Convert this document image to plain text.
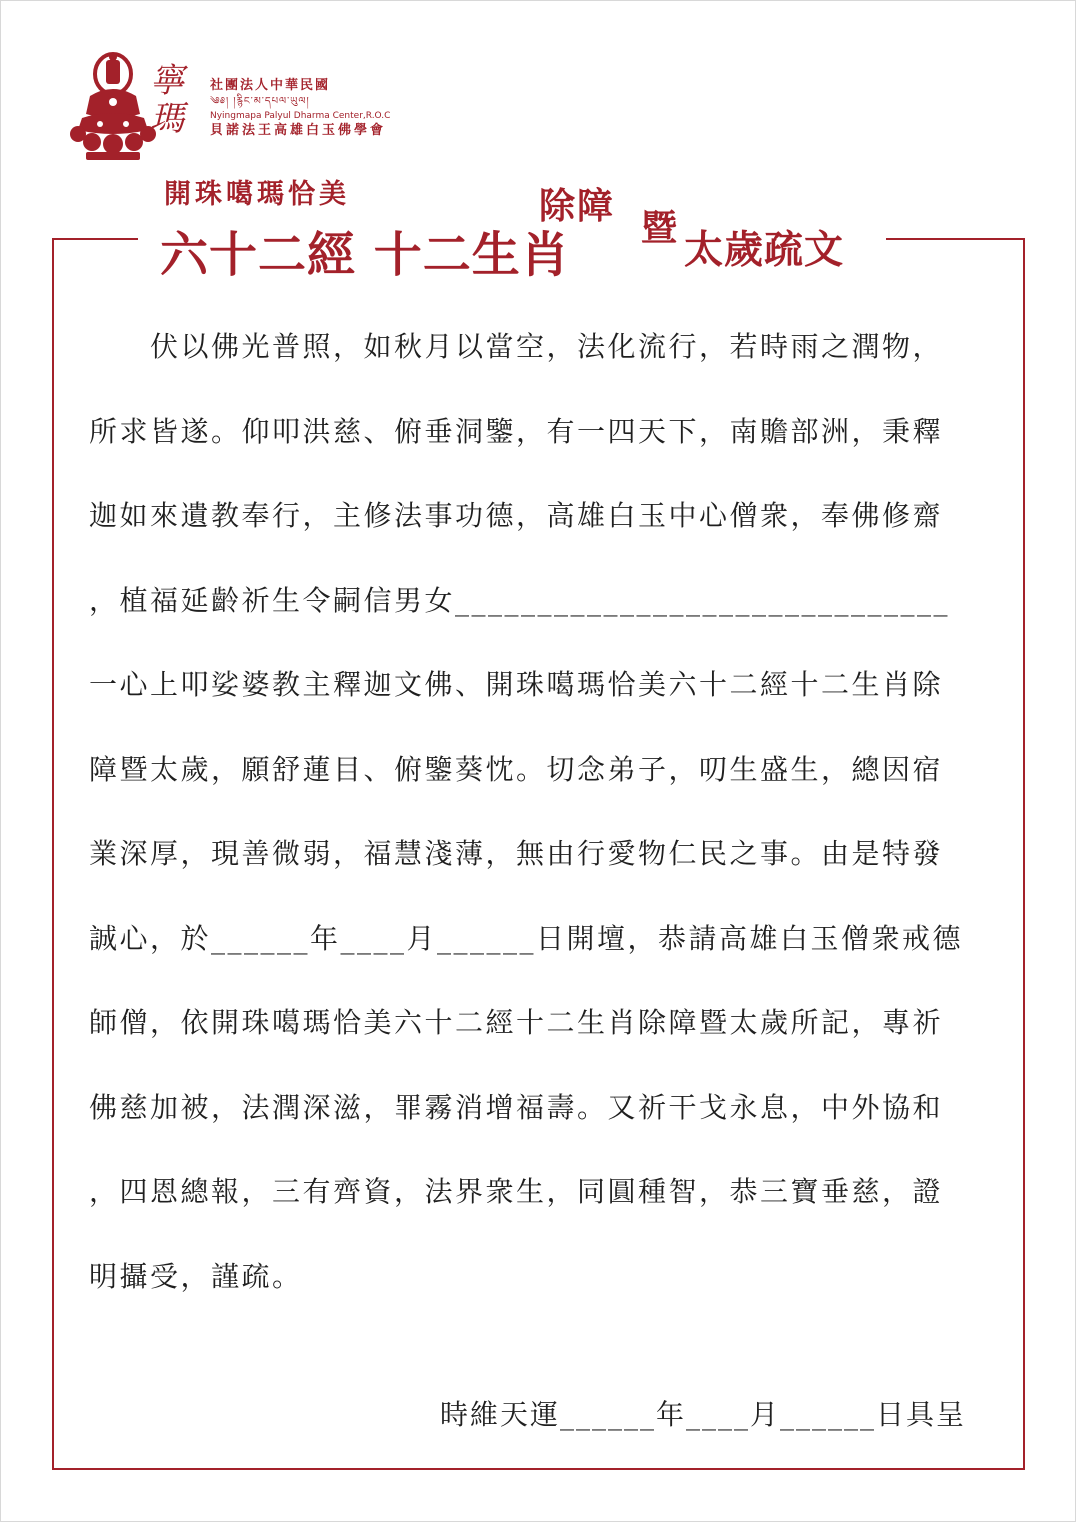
寧瑪
社團法人中華民國
༄༅། །རྙིང་མ་དཔལ་ཡུལ།
Nyingmapa Palyul Dharma Center,R.O.C
貝諾法王高雄白玉佛學會
開珠噶瑪恰美
六十二經 十二生肖
除障
暨 太歲疏文
　　伏以佛光普照，如秋月以當空，法化流行，若時雨之潤物，
所求皆遂。仰叩洪慈、俯垂洞鑒，有一四天下，南贍部洲，秉釋
迦如來遺教奉行，主修法事功德，高雄白玉中心僧衆，奉佛修齋
，植福延齡祈生令嗣信男女______________________________
一心上叩娑婆教主釋迦文佛、開珠噶瑪恰美六十二經十二生肖除
障暨太歲，願舒蓮目、俯鑒葵忱。切念弟子，叨生盛生，總因宿
業深厚，現善微弱，福慧淺薄，無由行愛物仁民之事。由是特發
誠心，於______年____月______日開壇，恭請高雄白玉僧衆戒德
師僧，依開珠噶瑪恰美六十二經十二生肖除障暨太歲所記，專祈
佛慈加被，法潤深滋，罪霧消增福壽。又祈干戈永息，中外協和
，四恩總報，三有齊資，法界衆生，同圓種智，恭三寶垂慈，證
明攝受，謹疏。
時維天運______年____月______日具呈
